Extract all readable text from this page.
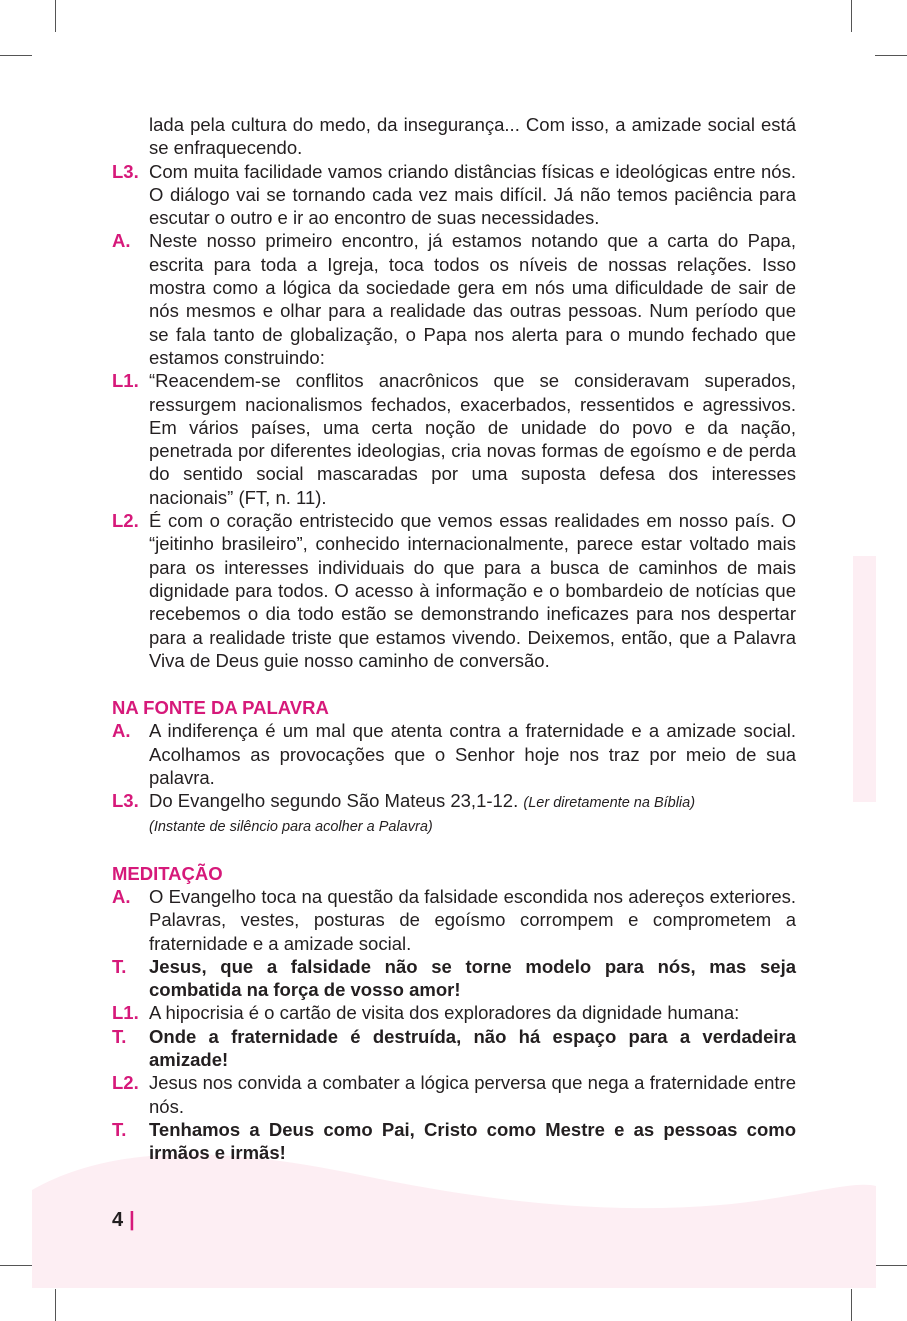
lada pela cultura do medo, da insegurança... Com isso, a amizade social está se enfraquecendo.
L3. Com muita facilidade vamos criando distâncias físicas e ideológicas entre nós. O diálogo vai se tornando cada vez mais difícil. Já não temos paciência para escutar o outro e ir ao encontro de suas necessidades.
A.	Neste nosso primeiro encontro, já estamos notando que a carta do Papa, escrita para toda a Igreja, toca todos os níveis de nossas relações. Isso mostra como a lógica da sociedade gera em nós uma dificuldade de sair de nós mesmos e olhar para a realidade das outras pessoas. Num período que se fala tanto de globalização, o Papa nos alerta para o mundo fechado que estamos construindo:
L1. “Reacendem-se conflitos anacrônicos que se consideravam superados, ressurgem nacionalismos fechados, exacerbados, ressentidos e agressivos. Em vários países, uma certa noção de unidade do povo e da nação, penetrada por diferentes ideologias, cria novas formas de egoísmo e de perda do sentido social mascaradas por uma suposta defesa dos interesses nacionais” (FT, n. 11).
L2. É com o coração entristecido que vemos essas realidades em nosso país. O “jeitinho brasileiro”, conhecido internacionalmente, parece estar voltado mais para os interesses individuais do que para a busca de caminhos de mais dignidade para todos. O acesso à informação e o bombardeio de notícias que recebemos o dia todo estão se demonstrando ineficazes para nos despertar para a realidade triste que estamos vivendo. Deixemos, então, que a Palavra Viva de Deus guie nosso caminho de conversão.
NA FONTE DA PALAVRA
A.	A indiferença é um mal que atenta contra a fraternidade e a amizade social. Acolhamos as provocações que o Senhor hoje nos traz por meio de sua palavra.
L3. Do Evangelho segundo São Mateus 23,1-12. (Ler diretamente na Bíblia)
(Instante de silêncio para acolher a Palavra)
MEDITAÇÃO
A.	O Evangelho toca na questão da falsidade escondida nos adereços exteriores. Palavras, vestes, posturas de egoísmo corrompem e comprometem a fraternidade e a amizade social.
T.	Jesus, que a falsidade não se torne modelo para nós, mas seja combatida na força de vosso amor!
L1. A hipocrisia é o cartão de visita dos exploradores da dignidade humana:
T.	Onde a fraternidade é destruída, não há espaço para a verdadeira amizade!
L2. Jesus nos convida a combater a lógica perversa que nega a fraternidade entre nós.
T.	Tenhamos a Deus como Pai, Cristo como Mestre e as pessoas como irmãos e irmãs!
4 |
